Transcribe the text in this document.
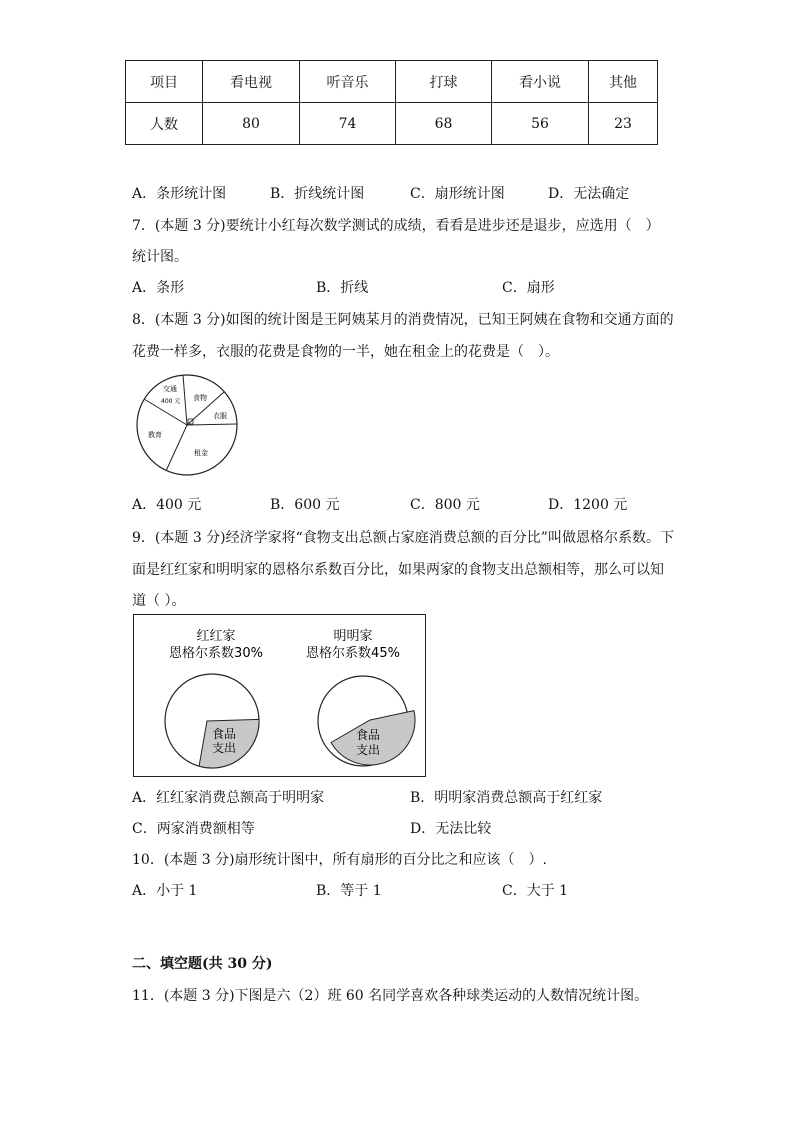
项目	看电视	听音乐	打球	看小说	其他
人数	80	74	68	56	23
A．条形统计图	B．折线统计图	C．扇形统计图	D．无法确定
7．(本题 3 分)要统计小红每次数学测试的成绩，看看是进步还是退步，应选用（　）
统计图。
A．条形	B．折线	C．扇形
8．(本题 3 分)如图的统计图是王阿姨某月的消费情况，已知王阿姨在食物和交通方面的
花费一样多，衣服的花费是食物的一半，她在租金上的花费是（　）。
交通
400 元 食物
衣服
教育
租金
A．400 元	B．600 元	C．800 元	D．1200 元
9．(本题 3 分)经济学家将“食物支出总额占家庭消费总额的百分比”叫做恩格尔系数。下
面是红红家和明明家的恩格尔系数百分比，如果两家的食物支出总额相等，那么可以知
道（ ）。
红红家
恩格尔系数30%
食品
支出
明明家
恩格尔系数45%
食品
支出
A．红红家消费总额高于明明家	B．明明家消费总额高于红红家
C．两家消费额相等	D．无法比较
10．(本题 3 分)扇形统计图中，所有扇形的百分比之和应该（　）.
A．小于 1	B．等于 1	C．大于 1
二、填空题(共 30 分)
11．(本题 3 分)下图是六（2）班 60 名同学喜欢各种球类运动的人数情况统计图。
